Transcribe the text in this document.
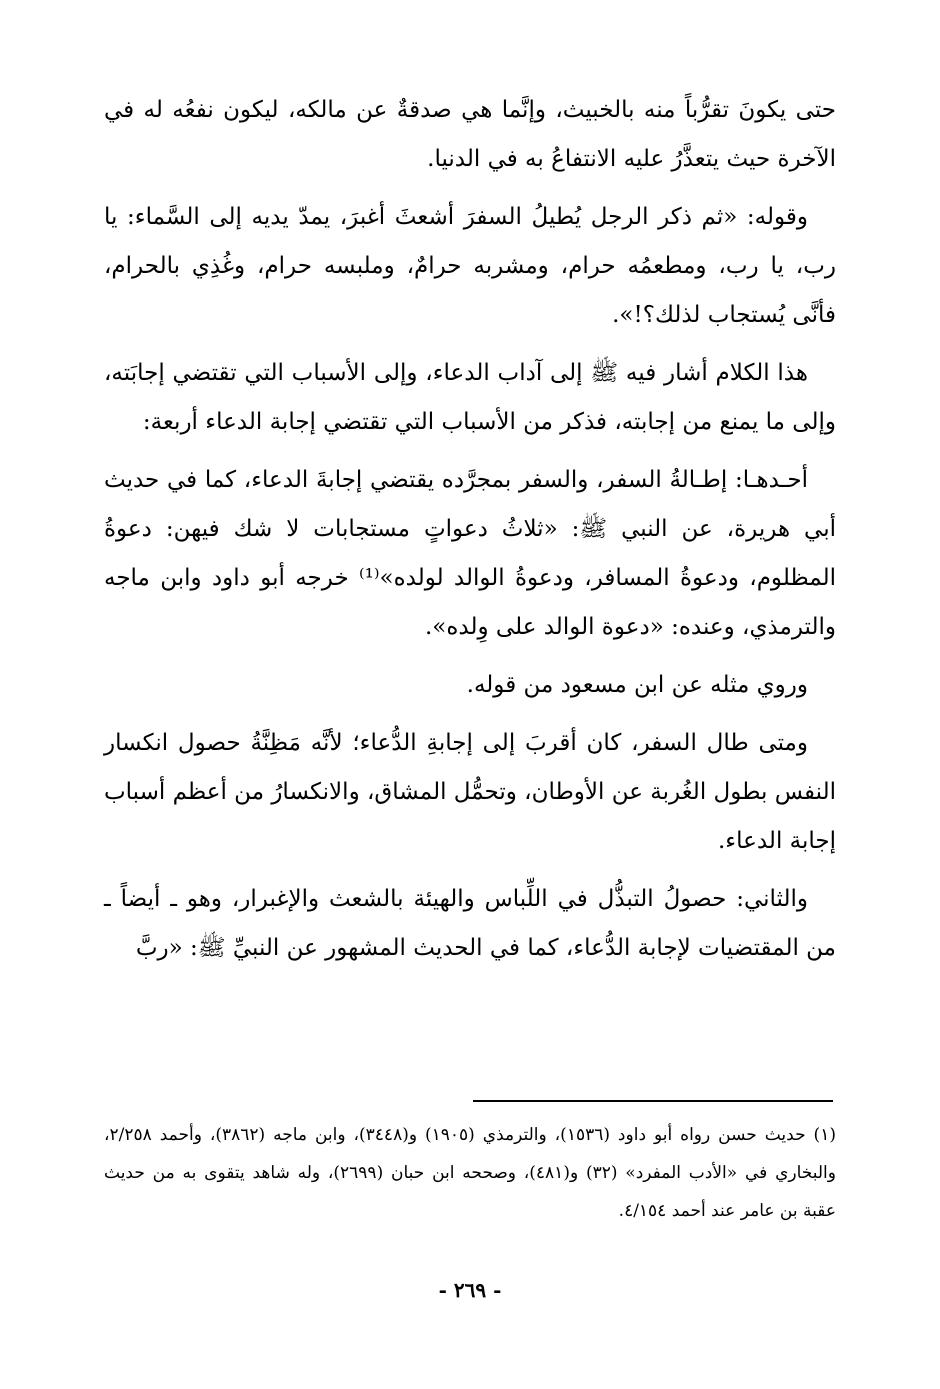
حتى يكونَ تقرُّباً منه بالخبيث، وإنَّما هي صدقةٌ عن مالكه، ليكون نفعُه له في الآخرة حيث يتعذَّرُ عليه الانتفاعُ به في الدنيا.

وقوله: «ثم ذكر الرجل يُطيلُ السفرَ أشعثَ أغبرَ، يمدّ يديه إلى السَّماء: يا رب، يا رب، ومطعمُه حرام، ومشربه حرامٌ، وملبسه حرام، وغُذِي بالحرام، فأنَّى يُستجاب لذلك؟!».

هذا الكلام أشار فيه ﷺ إلى آداب الدعاء، وإلى الأسباب التي تقتضي إجابَته، وإلى ما يمنع من إجابته، فذكر من الأسباب التي تقتضي إجابة الدعاء أربعة:

أحـدهـا: إطـالةُ السفر، والسفر بمجرَّده يقتضي إجابةَ الدعاء، كما في حديث أبي هريرة، عن النبي ﷺ: «ثلاثُ دعواتٍ مستجابات لا شك فيهن: دعوةُ المظلوم، ودعوةُ المسافر، ودعوةُ الوالد لولده»⁽¹⁾ خرجه أبو داود وابن ماجه والترمذي، وعنده: «دعوة الوالد على وِلده».

وروي مثله عن ابن مسعود من قوله.

ومتى طال السفر، كان أقربَ إلى إجابةِ الدُّعاء؛ لأنَّه مَظِنَّةُ حصول انكسار النفس بطول الغُربة عن الأوطان، وتحمُّل المشاق، والانكسارُ من أعظم أسباب إجابة الدعاء.

والثاني: حصولُ التبذُّل في اللِّباس والهيئة بالشعث والإغبرار، وهو ـ أيضاً ـ من المقتضيات لإجابة الدُّعاء، كما في الحديث المشهور عن النبيِّ ﷺ: «ربَّ

(١) حديث حسن رواه أبو داود (١٥٣٦)، والترمذي (١٩٠٥) و(٣٤٤٨)، وابن ماجه (٣٨٦٢)، وأحمد ٢/٢٥٨، والبخاري في «الأدب المفرد» (٣٢) و(٤٨١)، وصححه ابن حبان (٢٦٩٩)، وله شاهد يتقوى به من حديث عقبة بن عامر عند أحمد ٤/١٥٤.

- ٢٦٩ -
